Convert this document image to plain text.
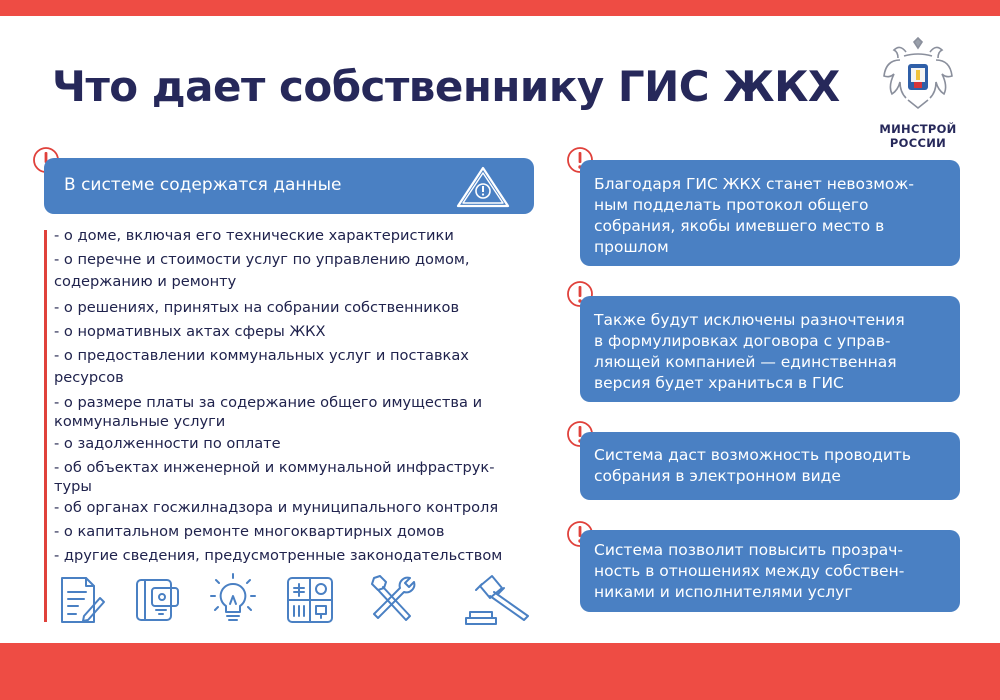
Что дает собственнику ГИС ЖКХ
МИНСТРОЙ
РОССИИ
В системе содержатся данные
- о доме, включая его технические характеристики
- о перечне и стоимости услуг по управлению домом,
содержанию и ремонту
- о решениях, принятых на собрании собственников
- о нормативных актах сферы ЖКХ
- о предоставлении коммунальных услуг и поставках
ресурсов
- о размере платы за содержание общего имущества и
коммунальные услуги
- о задолженности по оплате
- об объектах инженерной и коммунальной инфраструк-
туры
- об органах госжилнадзора и муниципального контроля
- о капитальном ремонте многоквартирных домов
- другие сведения, предусмотренные законодательством
Благодаря ГИС ЖКХ станет невозмож-
ным подделать протокол общего
собрания, якобы имевшего место в
прошлом
Также будут исключены разночтения
в формулировках договора с управ-
ляющей компанией — единственная
версия будет храниться в ГИС
Система даст возможность проводить
собрания в электронном виде
Система позволит повысить прозрач-
ность в отношениях между собствен-
никами и исполнителями услуг
